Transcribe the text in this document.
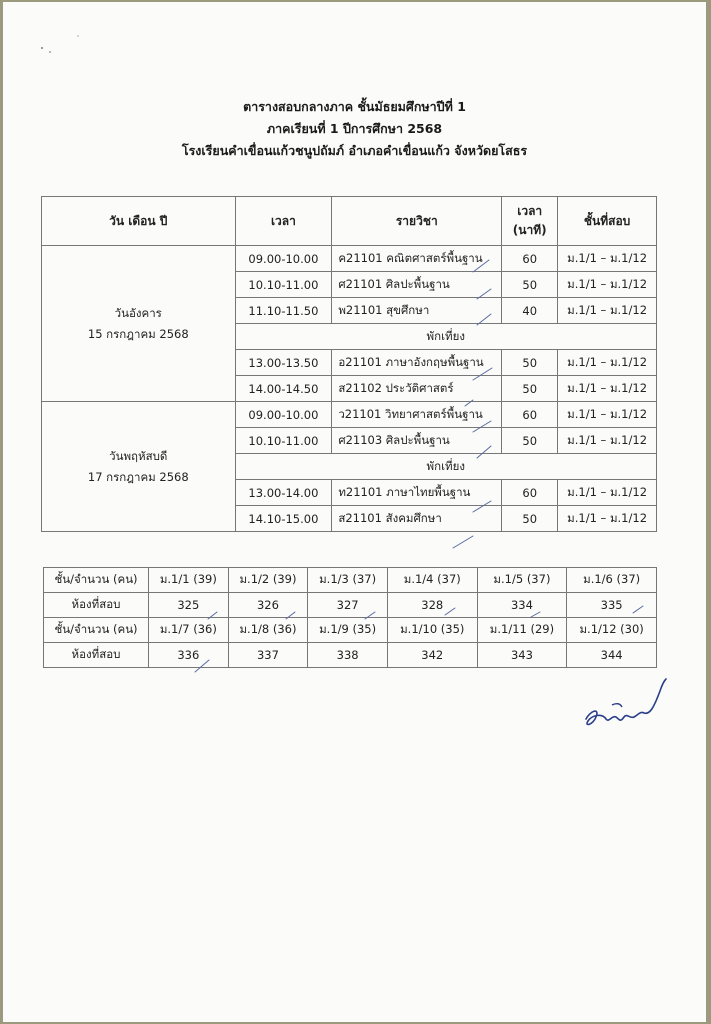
ตารางสอบกลางภาค ชั้นมัธยมศึกษาปีที่ 1
ภาคเรียนที่ 1 ปีการศึกษา 2568
โรงเรียนคำเขื่อนแก้วชนูปถัมภ์ อำเภอคำเขื่อนแก้ว จังหวัดยโสธร
วัน เดือน ปี	เวลา	รายวิชา	เวลา (นาที)	ชั้นที่สอบ

วันอังคาร
15 กรกฎาคม 2568	09.00-10.00	ค21101 คณิตศาสตร์พื้นฐาน	60	ม.1/1 – ม.1/12
	10.10-11.00	ศ21101 ศิลปะพื้นฐาน	50	ม.1/1 – ม.1/12
	11.10-11.50	พ21101 สุขศึกษา	40	ม.1/1 – ม.1/12
	พักเที่ยง			
	13.00-13.50	อ21101 ภาษาอังกฤษพื้นฐาน	50	ม.1/1 – ม.1/12
	14.00-14.50	ส21102 ประวัติศาสตร์	50	ม.1/1 – ม.1/12

วันพฤหัสบดี
17 กรกฎาคม 2568	09.00-10.00	ว21101 วิทยาศาสตร์พื้นฐาน	60	ม.1/1 – ม.1/12
	10.10-11.00	ศ21103 ศิลปะพื้นฐาน	50	ม.1/1 – ม.1/12
	พักเที่ยง			
	13.00-14.00	ท21101 ภาษาไทยพื้นฐาน	60	ม.1/1 – ม.1/12
	14.10-15.00	ส21101 สังคมศึกษา	50	ม.1/1 – ม.1/12
ชั้น/จำนวน (คน)	ม.1/1 (39)	ม.1/2 (39)	ม.1/3 (37)	ม.1/4 (37)	ม.1/5 (37)	ม.1/6 (37)
ห้องที่สอบ	325	326	327	328	334	335
ชั้น/จำนวน (คน)	ม.1/7 (36)	ม.1/8 (36)	ม.1/9 (35)	ม.1/10 (35)	ม.1/11 (29)	ม.1/12 (30)
ห้องที่สอบ	336	337	338	342	343	344
